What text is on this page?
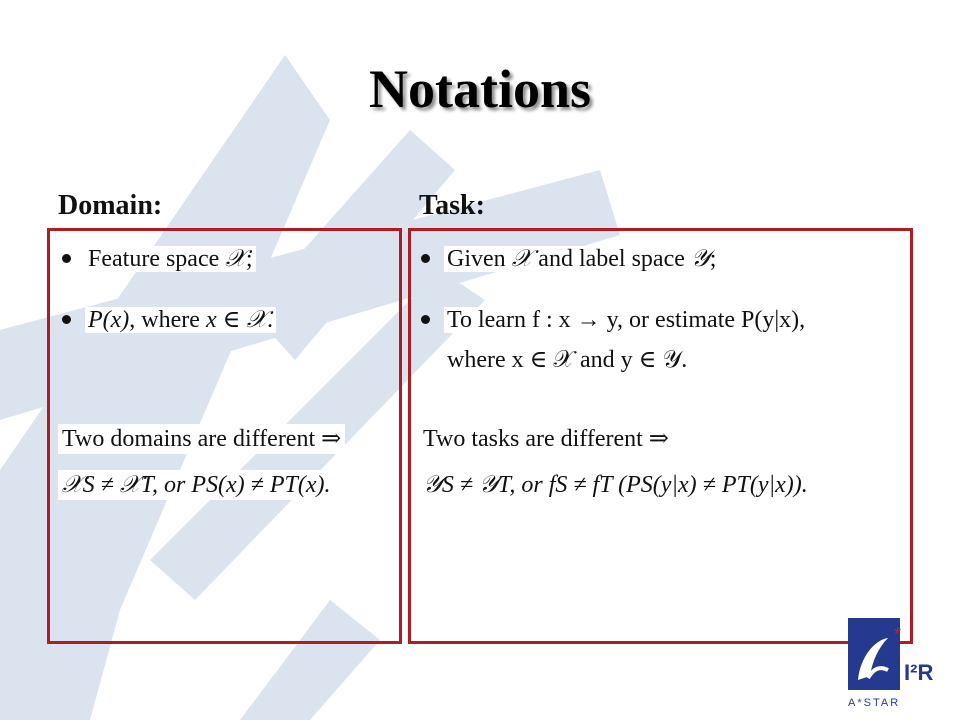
Notations
Domain:	Task:
Feature space 𝒳;
P(x), where x ∈ 𝒳.
Two domains are different ⇒
𝒳S ≠ 𝒳T, or PS(x) ≠ PT(x).
Given 𝒳 and label space 𝒴;
To learn f : x → y, or estimate P(y|x),
where x ∈ 𝒳 and y ∈ 𝒴.
Two tasks are different ⇒
𝒴S ≠ 𝒴T, or fS ≠ fT (PS(y|x) ≠ PT(y|x)).
*
I²R
A*STAR
